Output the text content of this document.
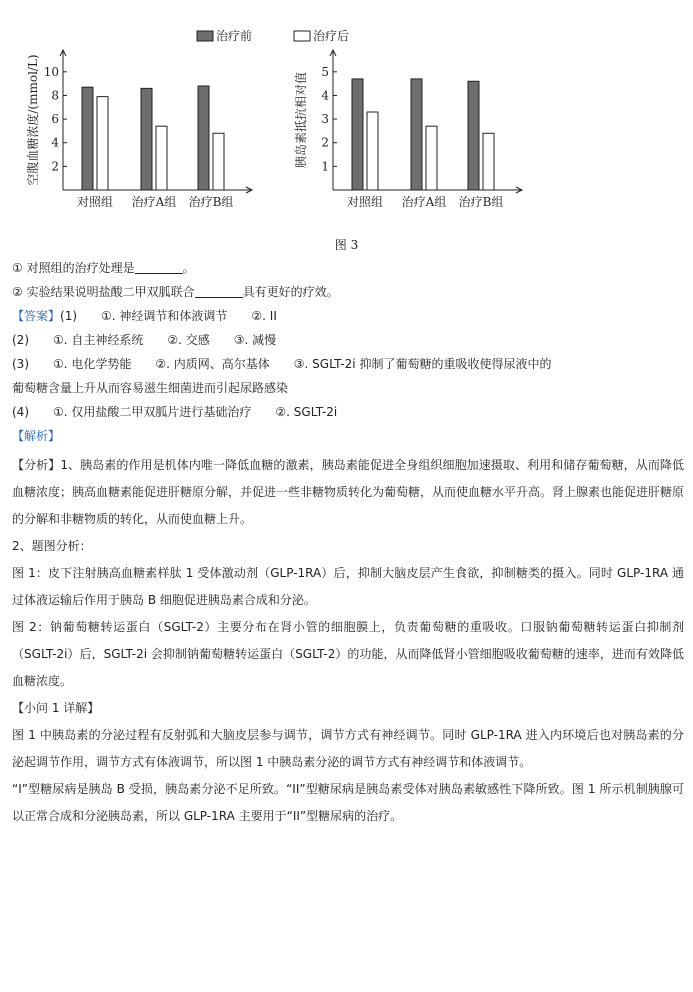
治疗前	治疗后
2
4
6
8
10
空腹血糖浓度/(mmol/L)
对照组 治疗A组 治疗B组
1
2
3
4
5
胰岛素抵抗相对值
对照组 治疗A组 治疗B组
图 3
① 对照组的治疗处理是	。
② 实验结果说明盐酸二甲双胍联合	具有更好的疗效。
【答案】(1)　　①. 神经调节和体液调节　　②. II
(2)　　①. 自主神经系统　　②. 交感　　③. 减慢
(3)　　①. 电化学势能　　②. 内质网、高尔基体　　③. SGLT-2i 抑制了葡萄糖的重吸收使得尿液中的
葡萄糖含量上升从而容易滋生细菌进而引起尿路感染
(4)　　①. 仅用盐酸二甲双胍片进行基础治疗　　②. SGLT-2i
【解析】

【分析】1、胰岛素的作用是机体内唯一降低血糖的激素，胰岛素能促进全身组织细胞加速摄取、利用和储存葡萄糖，从而降低血糖浓度；胰高血糖素能促进肝糖原分解，并促进一些非糖物质转化为葡萄糖，从而使血糖水平升高。肾上腺素也能促进肝糖原的分解和非糖物质的转化，从而使血糖上升。

2、题图分析：

图 1：皮下注射胰高血糖素样肽 1 受体激动剂（GLP-1RA）后，抑制大脑皮层产生食欲，抑制糖类的摄入。同时 GLP-1RA 通过体液运输后作用于胰岛 B 细胞促进胰岛素合成和分泌。

图 2：钠葡萄糖转运蛋白（SGLT-2）主要分布在肾小管的细胞膜上，负责葡萄糖的重吸收。口服钠葡萄糖转运蛋白抑制剂（SGLT-2i）后，SGLT-2i 会抑制钠葡萄糖转运蛋白（SGLT-2）的功能，从而降低肾小管细胞吸收葡萄糖的速率，进而有效降低血糖浓度。

【小问 1 详解】

图 1 中胰岛素的分泌过程有反射弧和大脑皮层参与调节，调节方式有神经调节。同时 GLP-1RA 进入内环境后也对胰岛素的分泌起调节作用，调节方式有体液调节，所以图 1 中胰岛素分泌的调节方式有神经调节和体液调节。

“I”型糖尿病是胰岛 B 受损，胰岛素分泌不足所致。“II”型糖尿病是胰岛素受体对胰岛素敏感性下降所致。图 1 所示机制胰腺可以正常合成和分泌胰岛素，所以 GLP-1RA 主要用于“II”型糖尿病的治疗。
